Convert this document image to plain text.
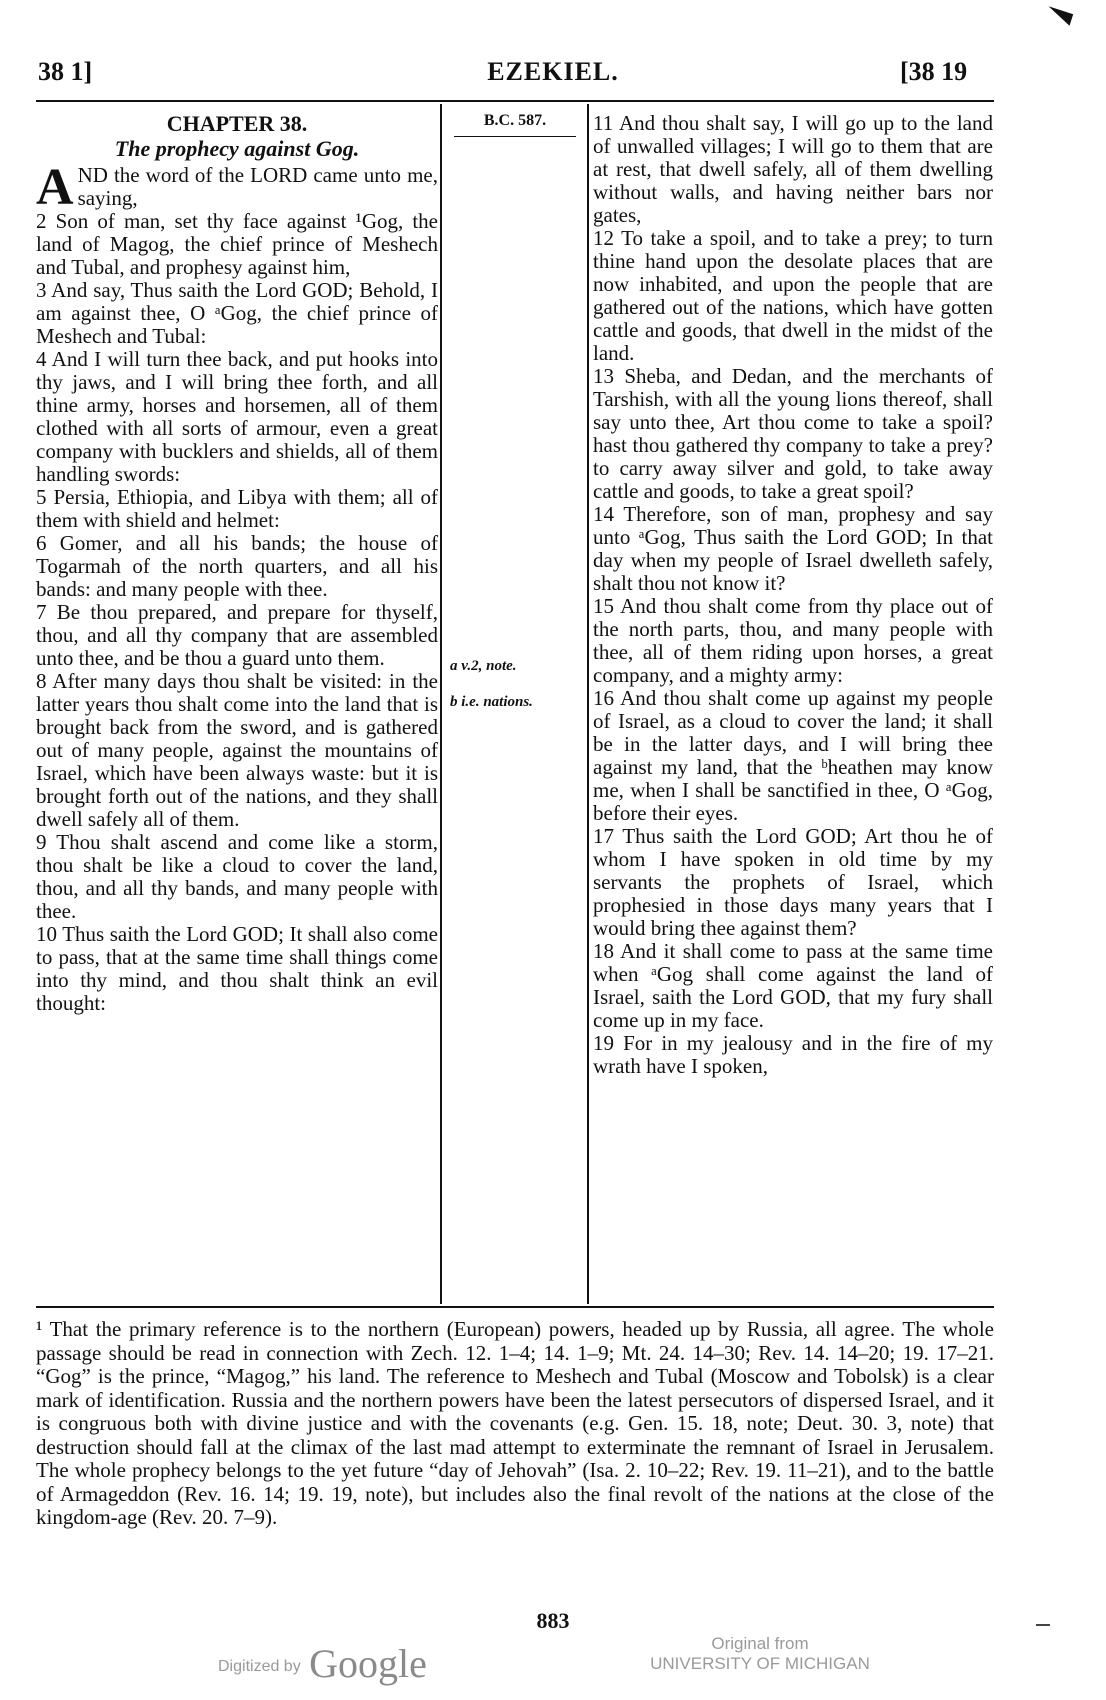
38 1]	EZEKIEL.	[38 19
CHAPTER 38.
The prophecy against Gog.

AND the word of the LORD came unto me, saying,

2 Son of man, set thy face against ¹Gog, the land of Magog, the chief prince of Meshech and Tubal, and prophesy against him,

3 And say, Thus saith the Lord GOD; Behold, I am against thee, O ᵃGog, the chief prince of Meshech and Tubal:

4 And I will turn thee back, and put hooks into thy jaws, and I will bring thee forth, and all thine army, horses and horsemen, all of them clothed with all sorts of armour, even a great company with bucklers and shields, all of them handling swords:

5 Persia, Ethiopia, and Libya with them; all of them with shield and helmet:

6 Gomer, and all his bands; the house of Togarmah of the north quarters, and all his bands: and many people with thee.

7 Be thou prepared, and prepare for thyself, thou, and all thy company that are assembled unto thee, and be thou a guard unto them.

8 After many days thou shalt be visited: in the latter years thou shalt come into the land that is brought back from the sword, and is gathered out of many people, against the mountains of Israel, which have been always waste: but it is brought forth out of the nations, and they shall dwell safely all of them.

9 Thou shalt ascend and come like a storm, thou shalt be like a cloud to cover the land, thou, and all thy bands, and many people with thee.

10 Thus saith the Lord GOD; It shall also come to pass, that at the same time shall things come into thy mind, and thou shalt think an evil thought:

B.C. 587.
a v.2, note.
b i.e. nations.

11 And thou shalt say, I will go up to the land of unwalled villages; I will go to them that are at rest, that dwell safely, all of them dwelling without walls, and having neither bars nor gates,

12 To take a spoil, and to take a prey; to turn thine hand upon the desolate places that are now inhabited, and upon the people that are gathered out of the nations, which have gotten cattle and goods, that dwell in the midst of the land.

13 Sheba, and Dedan, and the merchants of Tarshish, with all the young lions thereof, shall say unto thee, Art thou come to take a spoil? hast thou gathered thy company to take a prey? to carry away silver and gold, to take away cattle and goods, to take a great spoil?

14 Therefore, son of man, prophesy and say unto ᵃGog, Thus saith the Lord GOD; In that day when my people of Israel dwelleth safely, shalt thou not know it?

15 And thou shalt come from thy place out of the north parts, thou, and many people with thee, all of them riding upon horses, a great company, and a mighty army:

16 And thou shalt come up against my people of Israel, as a cloud to cover the land; it shall be in the latter days, and I will bring thee against my land, that the ᵇheathen may know me, when I shall be sanctified in thee, O ᵃGog, before their eyes.

17 Thus saith the Lord GOD; Art thou he of whom I have spoken in old time by my servants the prophets of Israel, which prophesied in those days many years that I would bring thee against them?

18 And it shall come to pass at the same time when ᵃGog shall come against the land of Israel, saith the Lord GOD, that my fury shall come up in my face.

19 For in my jealousy and in the fire of my wrath have I spoken,

¹ That the primary reference is to the northern (European) powers, headed up by Russia, all agree. The whole passage should be read in connection with Zech. 12. 1–4; 14. 1–9; Mt. 24. 14–30; Rev. 14. 14–20; 19. 17–21. “Gog” is the prince, “Magog,” his land. The reference to Meshech and Tubal (Moscow and Tobolsk) is a clear mark of identification. Russia and the northern powers have been the latest persecutors of dispersed Israel, and it is congruous both with divine justice and with the covenants (e.g. Gen. 15. 18, note; Deut. 30. 3, note) that destruction should fall at the climax of the last mad attempt to exterminate the remnant of Israel in Jerusalem. The whole prophecy belongs to the yet future “day of Jehovah” (Isa. 2. 10–22; Rev. 19. 11–21), and to the battle of Armageddon (Rev. 16. 14; 19. 19, note), but includes also the final revolt of the nations at the close of the kingdom-age (Rev. 20. 7–9).

883
Digitized by Google	Original from
UNIVERSITY OF MICHIGAN
